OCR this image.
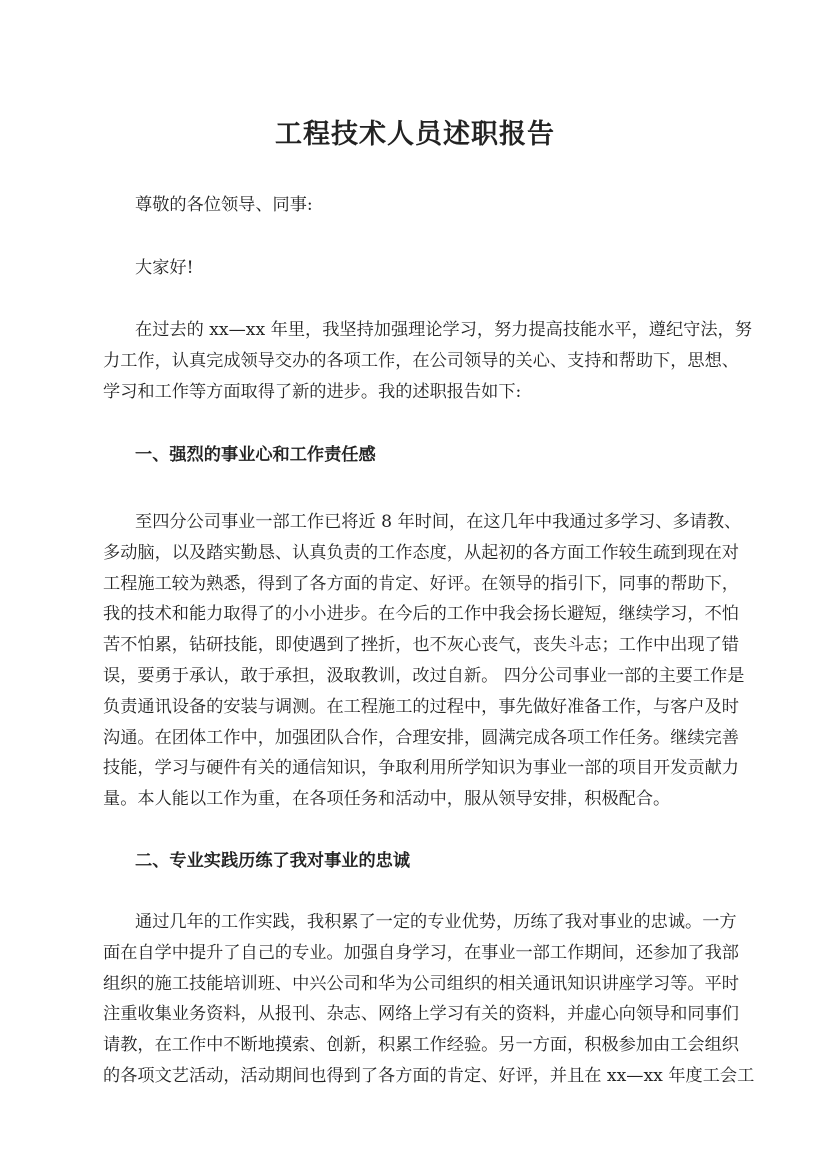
工程技术人员述职报告
尊敬的各位领导、同事:
大家好!
在过去的 xx—xx 年里，我坚持加强理论学习，努力提高技能水平，遵纪守法，努
力工作，认真完成领导交办的各项工作，在公司领导的关心、支持和帮助下，思想、
学习和工作等方面取得了新的进步。我的述职报告如下:
一、强烈的事业心和工作责任感
至四分公司事业一部工作已将近 8 年时间，在这几年中我通过多学习、多请教、
多动脑，以及踏实勤恳、认真负责的工作态度，从起初的各方面工作较生疏到现在对
工程施工较为熟悉，得到了各方面的肯定、好评。在领导的指引下，同事的帮助下，
我的技术和能力取得了的小小进步。在今后的工作中我会扬长避短，继续学习，不怕
苦不怕累，钻研技能，即使遇到了挫折，也不灰心丧气，丧失斗志；工作中出现了错
误，要勇于承认，敢于承担，汲取教训，改过自新。 四分公司事业一部的主要工作是
负责通讯设备的安装与调测。在工程施工的过程中，事先做好准备工作，与客户及时
沟通。在团体工作中，加强团队合作，合理安排，圆满完成各项工作任务。继续完善
技能，学习与硬件有关的通信知识，争取利用所学知识为事业一部的项目开发贡献力
量。本人能以工作为重，在各项任务和活动中，服从领导安排，积极配合。
二、专业实践历练了我对事业的忠诚
通过几年的工作实践，我积累了一定的专业优势，历练了我对事业的忠诚。一方
面在自学中提升了自己的专业。加强自身学习，在事业一部工作期间，还参加了我部
组织的施工技能培训班、中兴公司和华为公司组织的相关通讯知识讲座学习等。平时
注重收集业务资料，从报刊、杂志、网络上学习有关的资料，并虚心向领导和同事们
请教，在工作中不断地摸索、创新，积累工作经验。另一方面，积极参加由工会组织
的各项文艺活动，活动期间也得到了各方面的肯定、好评，并且在 xx—xx 年度工会工
